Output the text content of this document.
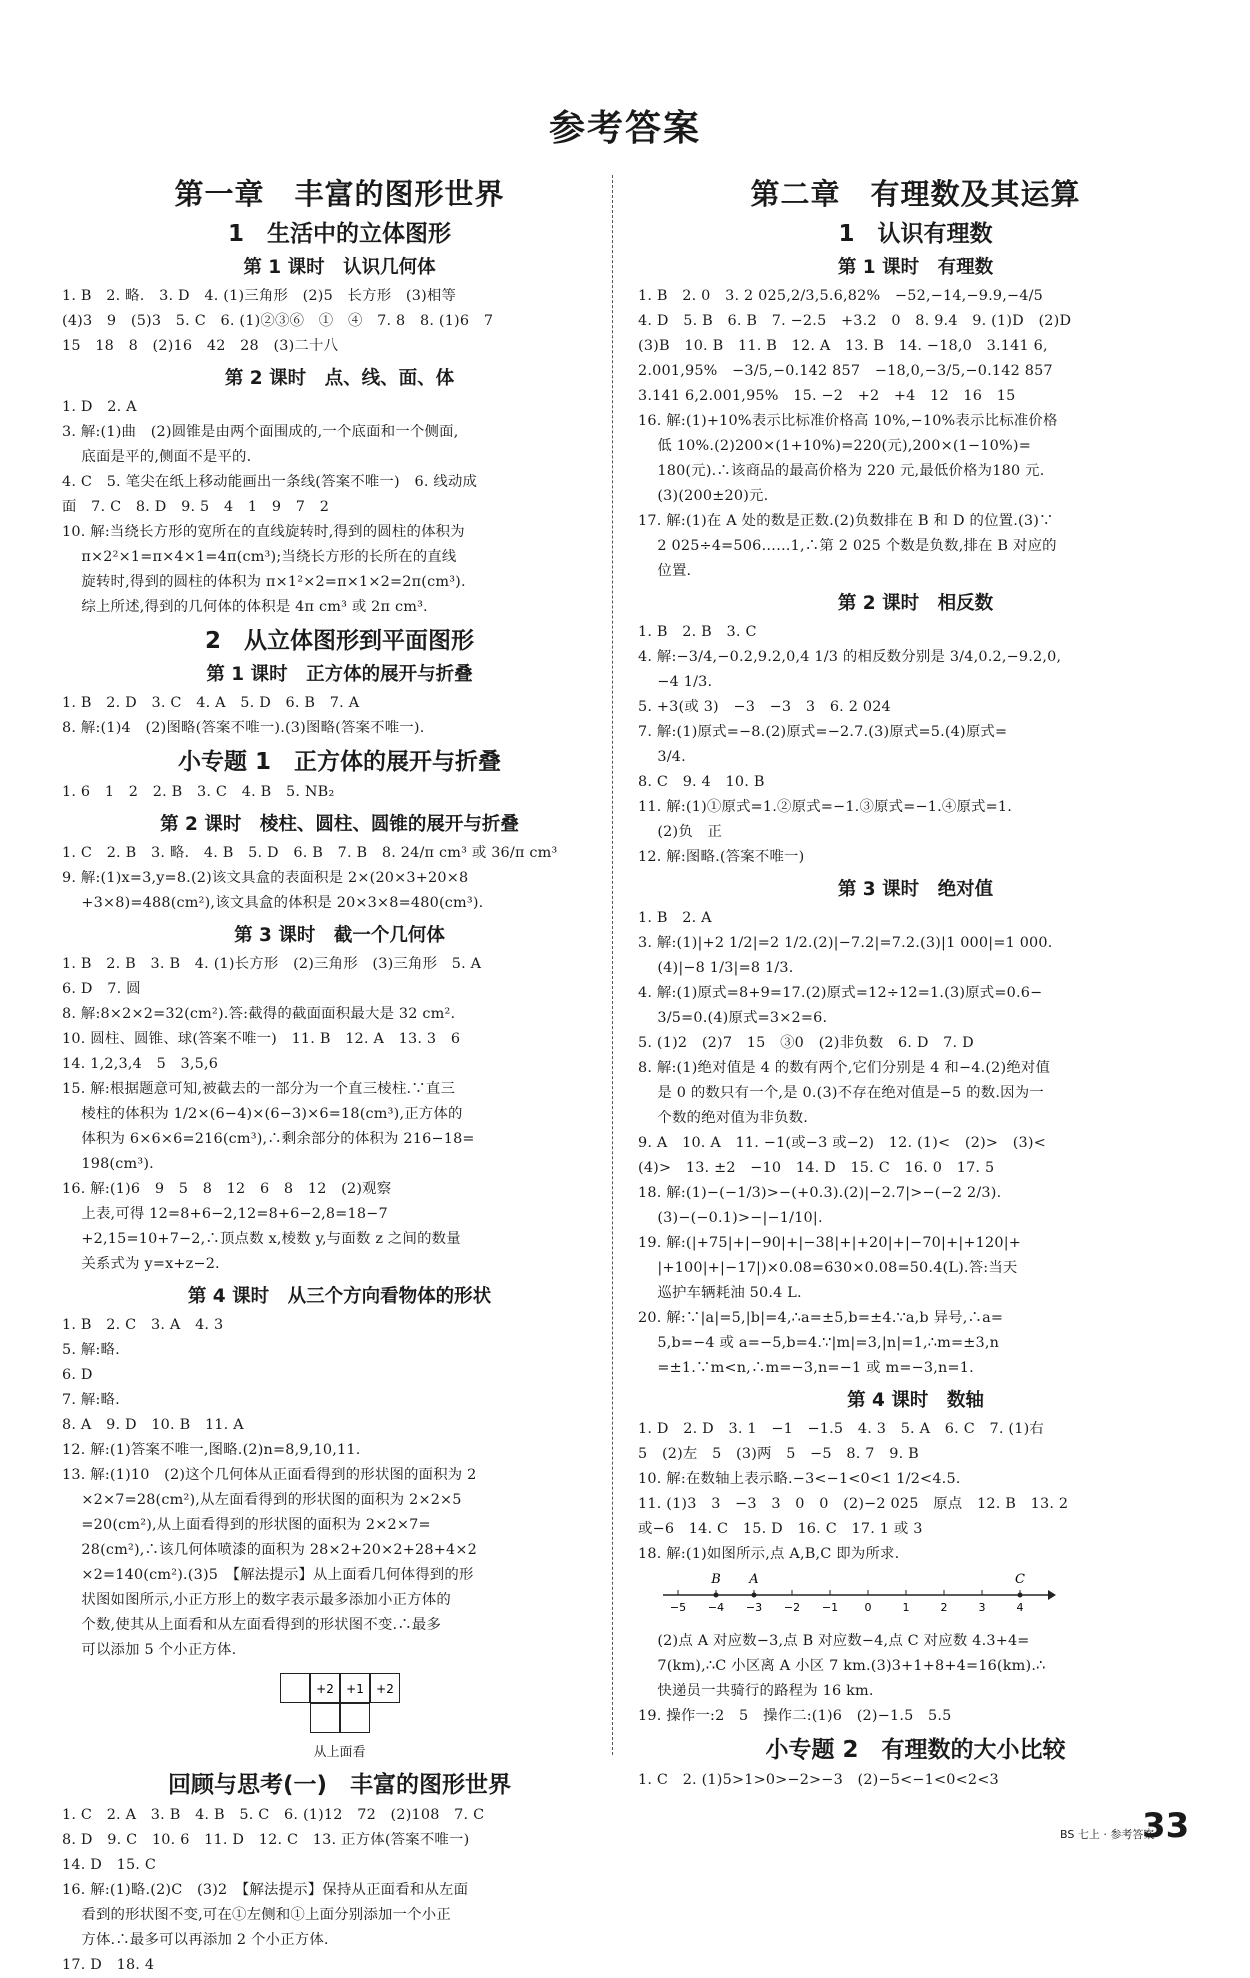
参考答案
第一章　丰富的图形世界
1　生活中的立体图形
第 1 课时　认识几何体
1. B　2. 略.　3. D　4. (1)三角形　(2)5　长方形　(3)相等
(4)3　9　(5)3　5. C　6. (1)②③⑥　①　④　7. 8　8. (1)6　7
15　18　8　(2)16　42　28　(3)二十八
第 2 课时　点、线、面、体
1. D　2. A
3. 解:(1)曲　(2)圆锥是由两个面围成的,一个底面和一个侧面,
　 底面是平的,侧面不是平的.
4. C　5. 笔尖在纸上移动能画出一条线(答案不唯一)　6. 线动成
面　7. C　8. D　9. 5　4　1　9　7　2
10. 解:当绕长方形的宽所在的直线旋转时,得到的圆柱的体积为
　 π×2²×1=π×4×1=4π(cm³);当绕长方形的长所在的直线
　 旋转时,得到的圆柱的体积为 π×1²×2=π×1×2=2π(cm³).
　 综上所述,得到的几何体的体积是 4π cm³ 或 2π cm³.
2　从立体图形到平面图形
第 1 课时　正方体的展开与折叠
1. B　2. D　3. C　4. A　5. D　6. B　7. A
8. 解:(1)4　(2)图略(答案不唯一).(3)图略(答案不唯一).
小专题 1　正方体的展开与折叠
1. 6　1　2　2. B　3. C　4. B　5. NB₂
第 2 课时　棱柱、圆柱、圆锥的展开与折叠
1. C　2. B　3. 略.　4. B　5. D　6. B　7. B　8. 24/π cm³ 或 36/π cm³
9. 解:(1)x=3,y=8.(2)该文具盒的表面积是 2×(20×3+20×8
　 +3×8)=488(cm²),该文具盒的体积是 20×3×8=480(cm³).
第 3 课时　截一个几何体
1. B　2. B　3. B　4. (1)长方形　(2)三角形　(3)三角形　5. A
6. D　7. 圆
8. 解:8×2×2=32(cm²).答:截得的截面面积最大是 32 cm².
10. 圆柱、圆锥、球(答案不唯一)　11. B　12. A　13. 3　6
14. 1,2,3,4　5　3,5,6
15. 解:根据题意可知,被截去的一部分为一个直三棱柱.∵直三
　 棱柱的体积为 1/2×(6−4)×(6−3)×6=18(cm³),正方体的
　 体积为 6×6×6=216(cm³),∴剩余部分的体积为 216−18=
　 198(cm³).
16. 解:(1)6　9　5　8　12　6　8　12　(2)观察
　 上表,可得 12=8+6−2,12=8+6−2,8=18−7
　 +2,15=10+7−2,∴顶点数 x,棱数 y,与面数 z 之间的数量
　 关系式为 y=x+z−2.
第 4 课时　从三个方向看物体的形状
1. B　2. C　3. A　4. 3
5. 解:略.
6. D
7. 解:略.
8. A　9. D　10. B　11. A
12. 解:(1)答案不唯一,图略.(2)n=8,9,10,11.
13. 解:(1)10　(2)这个几何体从正面看得到的形状图的面积为 2
　 ×2×7=28(cm²),从左面看得到的形状图的面积为 2×2×5
　 =20(cm²),从上面看得到的形状图的面积为 2×2×7=
　 28(cm²),∴该几何体喷漆的面积为 28×2+20×2+28+4×2
　 ×2=140(cm²).(3)5　【解法提示】从上面看几何体得到的形
　 状图如图所示,小正方形上的数字表示最多添加小正方体的
　 个数,使其从上面看和从左面看得到的形状图不变.∴最多
　 可以添加 5 个小正方体.
+2 +1 +2
从上面看
回顾与思考(一)　丰富的图形世界
1. C　2. A　3. B　4. B　5. C　6. (1)12　72　(2)108　7. C
8. D　9. C　10. 6　11. D　12. C　13. 正方体(答案不唯一)
14. D　15. C
16. 解:(1)略.(2)C　(3)2　【解法提示】保持从正面看和从左面
　 看到的形状图不变,可在①左侧和①上面分别添加一个小正
　 方体.∴最多可以再添加 2 个小正方体.
17. D　18. 4
第二章　有理数及其运算
1　认识有理数
第 1 课时　有理数
1. B　2. 0　3. 2 025,2/3,5.6,82%　−52,−14,−9.9,−4/5
4. D　5. B　6. B　7. −2.5　+3.2　0　8. 9.4　9. (1)D　(2)D
(3)B　10. B　11. B　12. A　13. B　14. −18,0　3.141 6,
2.001,95%　−3/5,−0.142 857　−18,0,−3/5,−0.142 857
3.141 6,2.001,95%　15. −2　+2　+4　12　16　15
16. 解:(1)+10%表示比标准价格高 10%,−10%表示比标准价格
　 低 10%.(2)200×(1+10%)=220(元),200×(1−10%)=
　 180(元).∴该商品的最高价格为 220 元,最低价格为180 元.
　 (3)(200±20)元.
17. 解:(1)在 A 处的数是正数.(2)负数排在 B 和 D 的位置.(3)∵
　 2 025÷4=506……1,∴第 2 025 个数是负数,排在 B 对应的
　 位置.
第 2 课时　相反数
1. B　2. B　3. C
4. 解:−3/4,−0.2,9.2,0,4 1/3 的相反数分别是 3/4,0.2,−9.2,0,
　 −4 1/3.
5. +3(或 3)　−3　−3　3　6. 2 024
7. 解:(1)原式=−8.(2)原式=−2.7.(3)原式=5.(4)原式=
　 3/4.
8. C　9. 4　10. B
11. 解:(1)①原式=1.②原式=−1.③原式=−1.④原式=1.
　 (2)负　正
12. 解:图略.(答案不唯一)
第 3 课时　绝对值
1. B　2. A
3. 解:(1)|+2 1/2|=2 1/2.(2)|−7.2|=7.2.(3)|1 000|=1 000.
　 (4)|−8 1/3|=8 1/3.
4. 解:(1)原式=8+9=17.(2)原式=12÷12=1.(3)原式=0.6−
　 3/5=0.(4)原式=3×2=6.
5. (1)2　(2)7　15　③0　(2)非负数　6. D　7. D
8. 解:(1)绝对值是 4 的数有两个,它们分别是 4 和−4.(2)绝对值
　 是 0 的数只有一个,是 0.(3)不存在绝对值是−5 的数.因为一
　 个数的绝对值为非负数.
9. A　10. A　11. −1(或−3 或−2)　12. (1)<　(2)>　(3)<
(4)>　13. ±2　−10　14. D　15. C　16. 0　17. 5
18. 解:(1)−(−1/3)>−(+0.3).(2)|−2.7|>−(−2 2/3).
　 (3)−(−0.1)>−|−1/10|.
19. 解:(|+75|+|−90|+|−38|+|+20|+|−70|+|+120|+
　 |+100|+|−17|)×0.08=630×0.08=50.4(L).答:当天
　 巡护车辆耗油 50.4 L.
20. 解:∵|a|=5,|b|=4,∴a=±5,b=±4.∵a,b 异号,∴a=
　 5,b=−4 或 a=−5,b=4.∵|m|=3,|n|=1,∴m=±3,n
　 =±1.∵m<n,∴m=−3,n=−1 或 m=−3,n=1.
第 4 课时　数轴
1. D　2. D　3. 1　−1　−1.5　4. 3　5. A　6. C　7. (1)右
5　(2)左　5　(3)两　5　−5　8. 7　9. B
10. 解:在数轴上表示略.−3<−1<0<1 1/2<4.5.
11. (1)3　3　−3　3　0　0　(2)−2 025　原点　12. B　13. 2
或−6　14. C　15. D　16. C　17. 1 或 3
18. 解:(1)如图所示,点 A,B,C 即为所求.
−5 −4 −3 −2 −1 0	1	2	3	4
B A	C
　 (2)点 A 对应数−3,点 B 对应数−4,点 C 对应数 4.3+4=
　 7(km),∴C 小区离 A 小区 7 km.(3)3+1+8+4=16(km).∴
　 快递员一共骑行的路程为 16 km.
19. 操作一:2　5　操作二:(1)6　(2)−1.5　5.5
小专题 2　有理数的大小比较
1. C　2. (1)5>1>0>−2>−3　(2)−5<−1<0<2<3
BS 七上 · 参考答案
33
